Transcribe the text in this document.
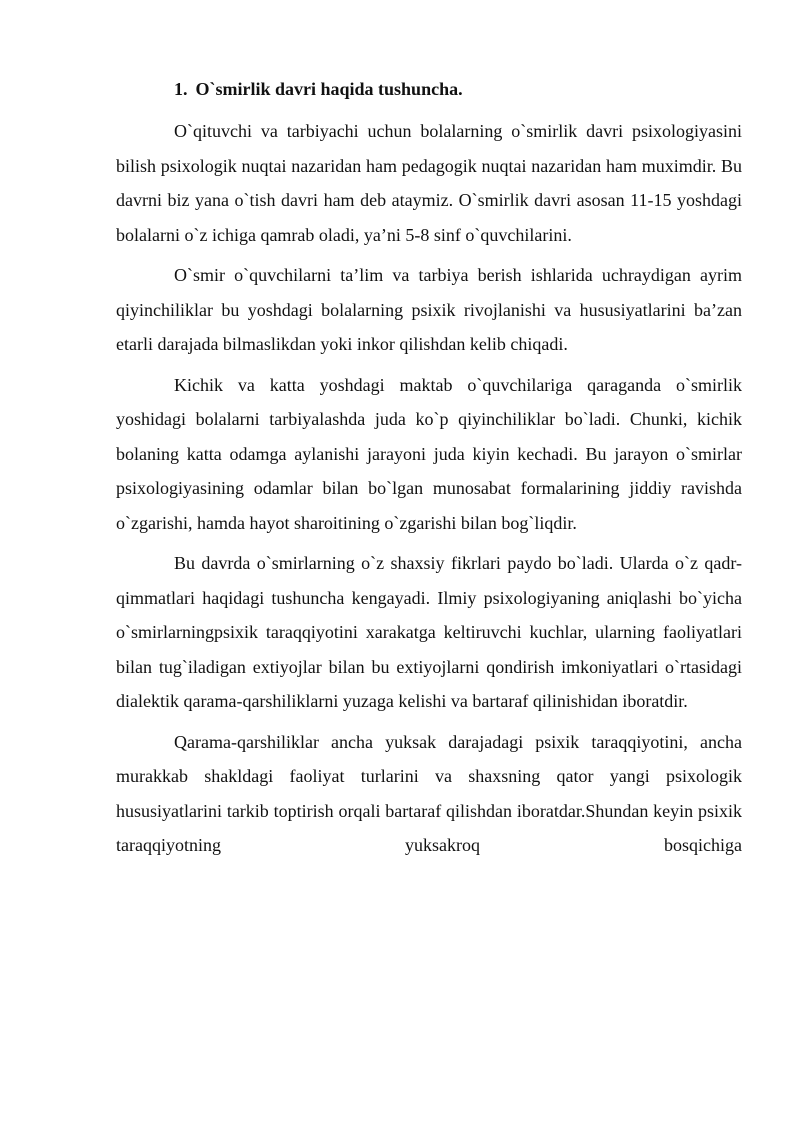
1. O`smirlik davri haqida tushuncha.

O`qituvchi va tarbiyachi uchun bolalarning o`smirlik davri psixologiyasini bilish psixologik nuqtai nazaridan ham pedagogik nuqtai nazaridan ham muximdir. Bu davrni biz yana o`tish davri ham deb ataymiz. O`smirlik davri asosan 11-15 yoshdagi bolalarni o`z ichiga qamrab oladi, ya’ni 5-8 sinf o`quvchilarini.

O`smir o`quvchilarni ta’lim va tarbiya berish ishlarida uchraydigan ayrim qiyinchiliklar bu yoshdagi bolalarning psixik rivojlanishi va hususiyatlarini ba’zan etarli darajada bilmaslikdan yoki inkor qilishdan kelib chiqadi.

Kichik va katta yoshdagi maktab o`quvchilariga qaraganda o`smirlik yoshidagi bolalarni tarbiyalashda juda ko`p qiyinchiliklar bo`ladi. Chunki, kichik bolaning katta odamga aylanishi jarayoni juda kiyin kechadi. Bu jarayon o`smirlar psixologiyasining odamlar bilan bo`lgan munosabat formalarining jiddiy ravishda o`zgarishi, hamda hayot sharoitining o`zgarishi bilan bog`liqdir.

Bu davrda o`smirlarning o`z shaxsiy fikrlari paydo bo`ladi. Ularda o`z qadr-qimmatlari haqidagi tushuncha kengayadi. Ilmiy psixologiyaning aniqlashi bo`yicha o`smirlarningpsixik taraqqiyotini xarakatga keltiruvchi kuchlar, ularning faoliyatlari bilan tug`iladigan extiyojlar bilan bu extiyojlarni qondirish imkoniyatlari o`rtasidagi dialektik qarama-qarshiliklarni yuzaga kelishi va bartaraf qilinishidan iboratdir.

Qarama-qarshiliklar ancha yuksak darajadagi psixik taraqqiyotini, ancha murakkab shakldagi faoliyat turlarini va shaxsning qator yangi psixologik hususiyatlarini tarkib toptirish orqali bartaraf qilishdan iboratdar.Shundan keyin psixik taraqqiyotning yuksakroq bosqichiga
